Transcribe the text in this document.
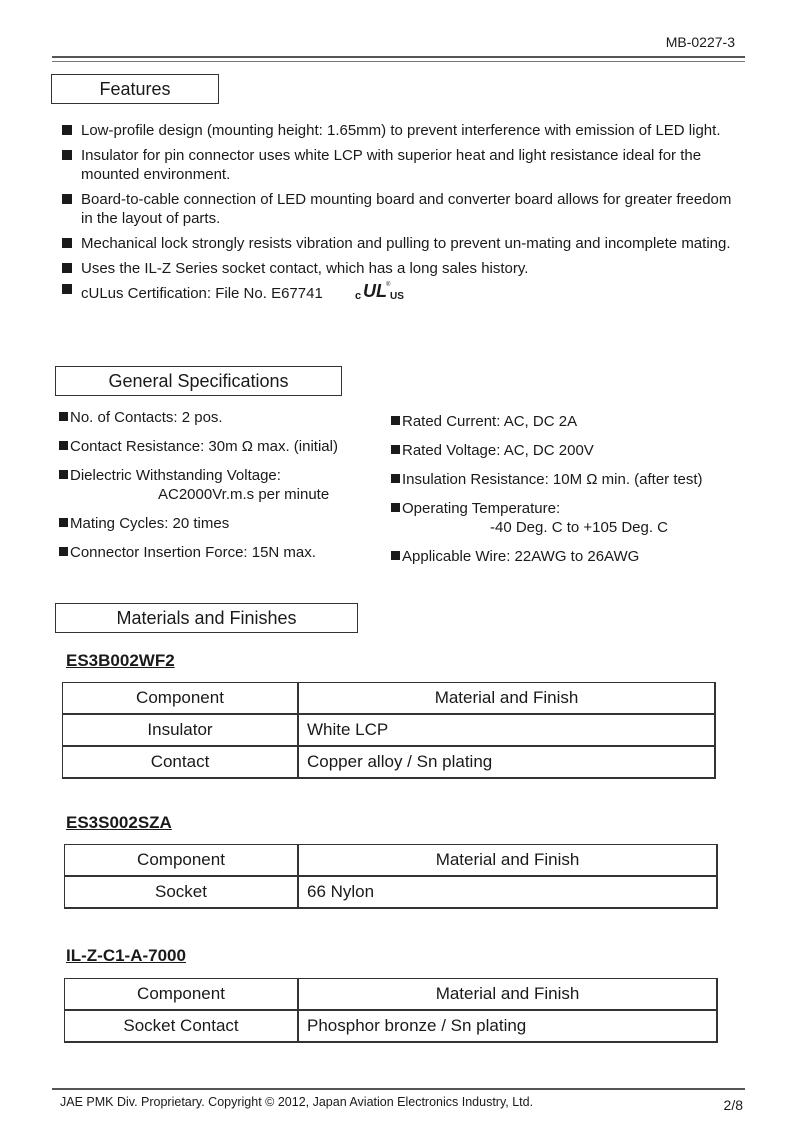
MB-0227-3
Features
Low-profile design (mounting height: 1.65mm) to prevent interference with emission of LED light.
Insulator for pin connector uses white LCP with superior heat and light resistance ideal for the mounted environment.
Board-to-cable connection of LED mounting board and converter board allows for greater freedom in the layout of parts.
Mechanical lock strongly resists vibration and pulling to prevent un-mating and incomplete mating.
Uses the IL-Z Series socket contact, which has a long sales history.
cULus Certification: File No. E67741	c UL US
®
General Specifications
No. of Contacts: 2 pos.
Contact Resistance: 30m Ω max. (initial)
Dielectric Withstanding Voltage:
AC2000Vr.m.s per minute
Mating Cycles: 20 times
Connector Insertion Force: 15N max.
Rated Current: AC, DC 2A
Rated Voltage: AC, DC 200V
Insulation Resistance: 10M Ω min. (after test)
Operating Temperature:
-40 Deg. C to +105 Deg. C
Applicable Wire: 22AWG to 26AWG
Materials and Finishes
ES3B002WF2
Component	Material and Finish
Insulator	White LCP
Contact	Copper alloy / Sn plating
ES3S002SZA
Component	Material and Finish
Socket	66 Nylon
IL-Z-C1-A-7000
Component	Material and Finish
Socket Contact	Phosphor bronze / Sn plating
JAE PMK Div. Proprietary. Copyright © 2012, Japan Aviation Electronics Industry, Ltd.	2/8
